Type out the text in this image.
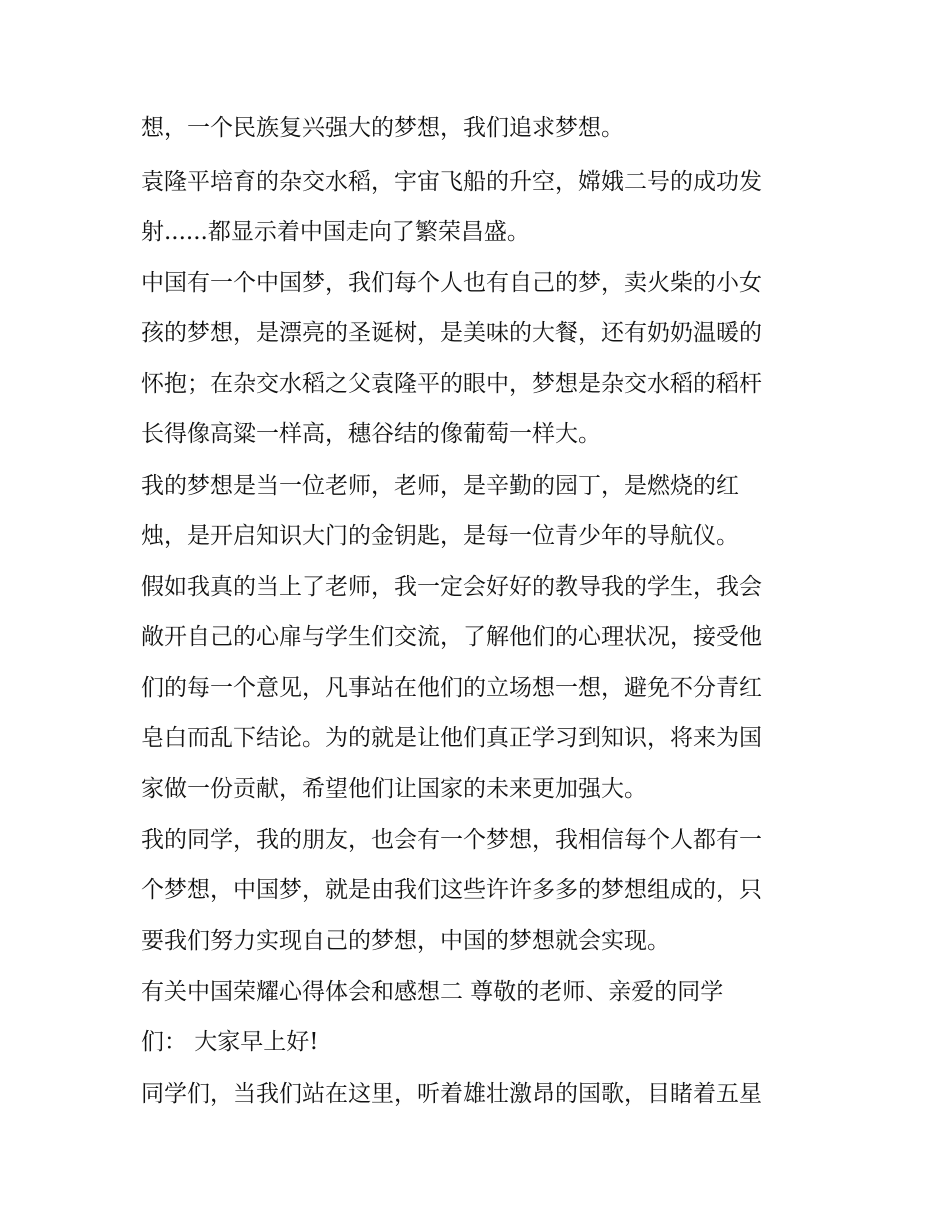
想，一个民族复兴强大的梦想，我们追求梦想。

袁隆平培育的杂交水稻，宇宙飞船的升空，嫦娥二号的成功发

射......都显示着中国走向了繁荣昌盛。

中国有一个中国梦，我们每个人也有自己的梦，卖火柴的小女

孩的梦想，是漂亮的圣诞树，是美味的大餐，还有奶奶温暖的

怀抱；在杂交水稻之父袁隆平的眼中，梦想是杂交水稻的稻杆

长得像高粱一样高，穗谷结的像葡萄一样大。

我的梦想是当一位老师，老师，是辛勤的园丁，是燃烧的红

烛，是开启知识大门的金钥匙，是每一位青少年的导航仪。

假如我真的当上了老师，我一定会好好的教导我的学生，我会

敞开自己的心扉与学生们交流，了解他们的心理状况，接受他

们的每一个意见，凡事站在他们的立场想一想，避免不分青红

皂白而乱下结论。为的就是让他们真正学习到知识，将来为国

家做一份贡献，希望他们让国家的未来更加强大。

我的同学，我的朋友，也会有一个梦想，我相信每个人都有一

个梦想，中国梦，就是由我们这些许许多多的梦想组成的，只

要我们努力实现自己的梦想，中国的梦想就会实现。

有关中国荣耀心得体会和感想二 尊敬的老师、亲爱的同学

们： 大家早上好!

同学们，当我们站在这里，听着雄壮激昂的国歌，目睹着五星
